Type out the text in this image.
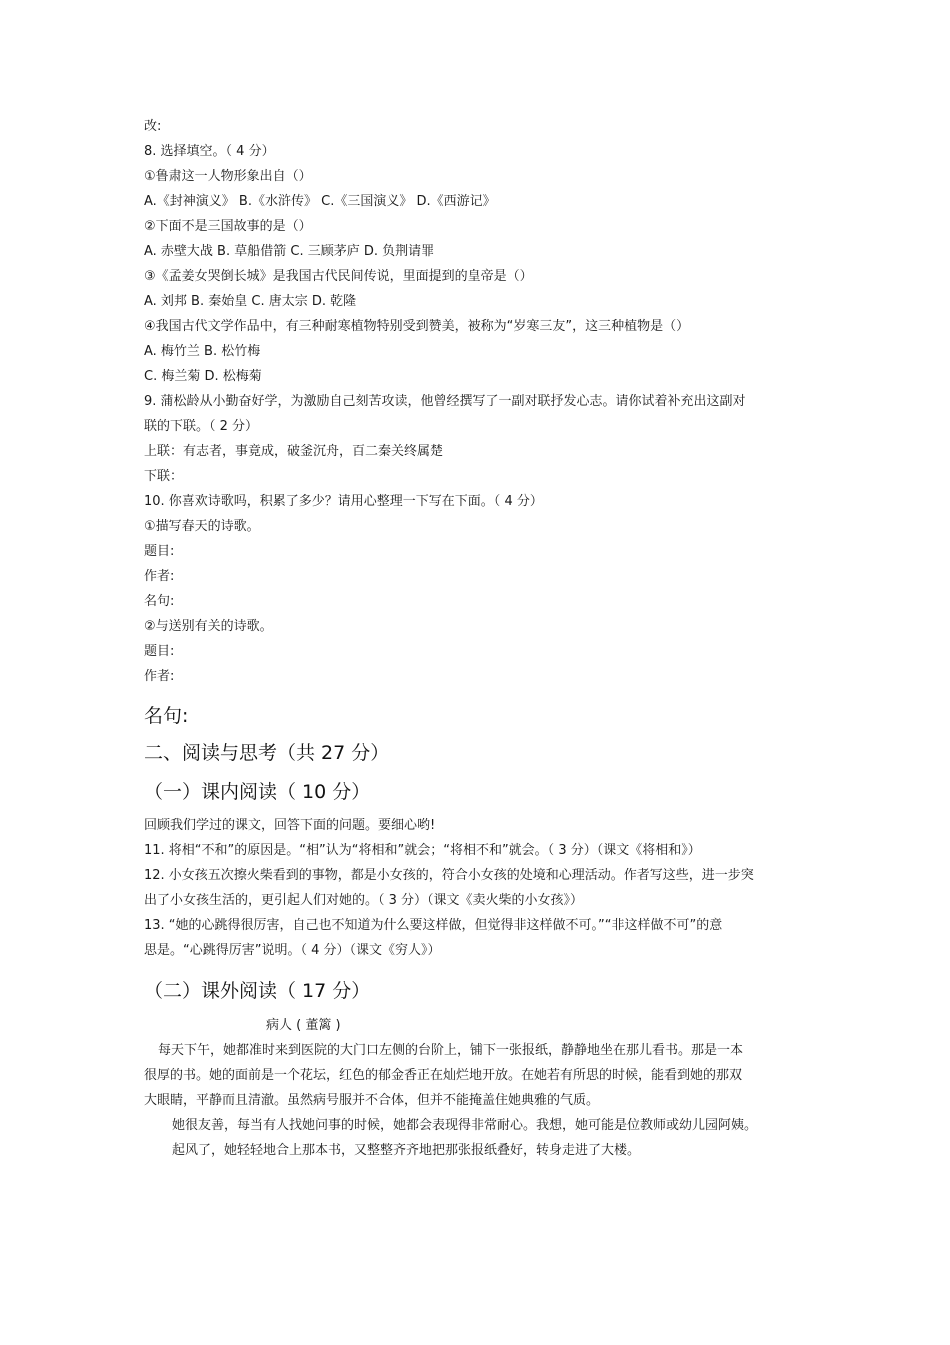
改:

8. 选择填空。（ 4 分）

①鲁肃这一人物形象出自（）

A.《封神演义》 B.《水浒传》 C.《三国演义》 D.《西游记》

②下面不是三国故事的是（）

A. 赤壁大战 B. 草船借箭 C. 三顾茅庐 D. 负荆请罪

③《孟姜女哭倒长城》是我国古代民间传说，里面提到的皇帝是（）

A. 刘邦 B. 秦始皇 C. 唐太宗 D. 乾隆

④我国古代文学作品中，有三种耐寒植物特别受到赞美，被称为“岁寒三友”，这三种植物是（）

A. 梅竹兰 B. 松竹梅

C. 梅兰菊 D. 松梅菊

9. 蒲松龄从小勤奋好学，为激励自己刻苦攻读，他曾经撰写了一副对联抒发心志。请你试着补充出这副对

联的下联。（ 2 分）

上联：有志者，事竟成，破釜沉舟，百二秦关终属楚

下联：

10. 你喜欢诗歌吗，积累了多少？请用心整理一下写在下面。（ 4 分）

①描写春天的诗歌。

题目:

作者:

名句:

②与送别有关的诗歌。

题目:

作者:

名句:

二、阅读与思考（共 27 分）

（一）课内阅读（ 10 分）

回顾我们学过的课文，回答下面的问题。要细心哟!

11. 将相“不和”的原因是。“相”认为“将相和”就会；“将相不和”就会。（ 3 分）（课文《将相和》）

12. 小女孩五次擦火柴看到的事物，都是小女孩的，符合小女孩的处境和心理活动。作者写这些，进一步突

出了小女孩生活的，更引起人们对她的。（ 3 分）（课文《卖火柴的小女孩》）

13. “她的心跳得很厉害，自己也不知道为什么要这样做，但觉得非这样做不可。”“非这样做不可”的意

思是。“心跳得厉害”说明。（ 4 分）（课文《穷人》）

（二）课外阅读（ 17 分）

病人 ( 董篱 )

每天下午，她都准时来到医院的大门口左侧的台阶上，铺下一张报纸，静静地坐在那儿看书。那是一本

很厚的书。她的面前是一个花坛，红色的郁金香正在灿烂地开放。在她若有所思的时候，能看到她的那双

大眼睛，平静而且清澈。虽然病号服并不合体，但并不能掩盖住她典雅的气质。

她很友善，每当有人找她问事的时候，她都会表现得非常耐心。我想，她可能是位教师或幼儿园阿姨。

起风了，她轻轻地合上那本书，又整整齐齐地把那张报纸叠好，转身走进了大楼。
